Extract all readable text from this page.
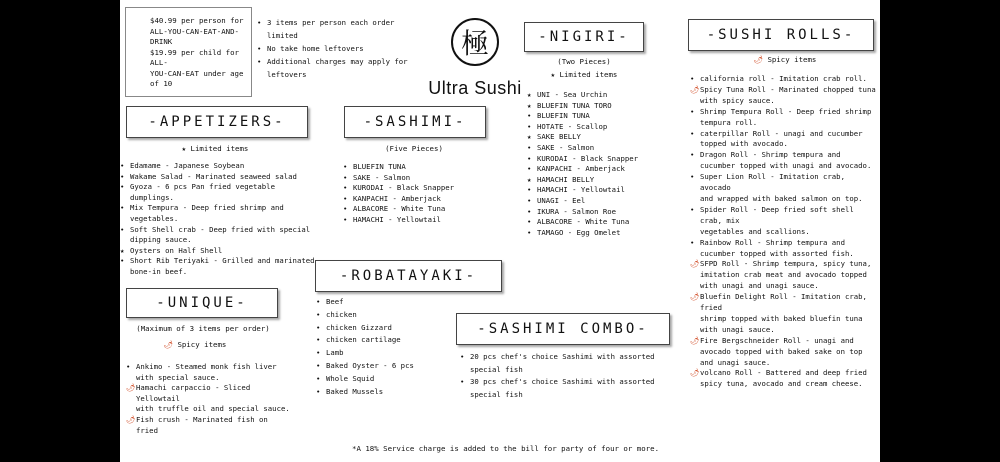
$40.99 per person for
ALL-YOU-CAN-EAT-AND-
DRINK
$19.99 per child for ALL-
YOU-CAN-EAT under age
of 10
• 3 items per person each order
limited
• No take home leftovers
• Additional charges may apply for
leftovers
極
Ultra Sushi
-APPETIZERS-
★ Limited items
• Edamame - Japanese Soybean
• Wakame Salad - Marinated seaweed salad
• Gyoza - 6 pcs Pan fried vegetable dumplings.
• Mix Tempura - Deep fried shrimp and
vegetables.
• Soft Shell crab - Deep fried with special
dipping sauce.
★ Oysters on Half Shell
• Short Rib Teriyaki - Grilled and marinated
bone-in beef.
-UNIQUE-
(Maximum of 3 items per order)
🌶 Spicy items
• Ankimo - Steamed monk fish liver
with special sauce.
🌶 Hamachi carpaccio - Sliced
Yellowtail
with truffle oil and special sauce.
🌶 Fish crush - Marinated fish on
fried
-SASHIMI-
(Five Pieces)
• BLUEFIN TUNA
• SAKE - Salmon
• KURODAI - Black Snapper
• KANPACHI - Amberjack
• ALBACORE - White Tuna
• HAMACHI - Yellowtail
-ROBATAYAKI-
• Beef
• chicken
• chicken Gizzard
• chicken cartilage
• Lamb
• Baked Oyster - 6 pcs
• Whole Squid
• Baked Mussels
-NIGIRI-
(Two Pieces)
★ Limited items
★ UNI - Sea Urchin
★ BLUEFIN TUNA TORO
• BLUEFIN TUNA
• HOTATE - Scallop
★ SAKE BELLY
• SAKE - Salmon
• KURODAI - Black Snapper
• KANPACHI - Amberjack
★ HAMACHI BELLY
• HAMACHI - Yellowtail
• UNAGI - Eel
• IKURA - Salmon Roe
• ALBACORE - White Tuna
• TAMAGO - Egg Omelet
-SASHIMI COMBO-
• 20 pcs chef's choice Sashimi with assorted
special fish
• 30 pcs chef's choice Sashimi with assorted
special fish
-SUSHI ROLLS-
🌶 Spicy items
• california roll - Imitation crab roll.
🌶 Spicy Tuna Roll - Marinated chopped tuna
with spicy sauce.
• Shrimp Tempura Roll - Deep fried shrimp
tempura roll.
• caterpillar Roll - unagi and cucumber
topped with avocado.
• Dragon Roll - Shrimp tempura and
cucumber topped with unagi and avocado.
• Super Lion Roll - Imitation crab, avocado
and wrapped with baked salmon on top.
• Spider Roll - Deep fried soft shell crab, mix
vegetables and scallions.
• Rainbow Roll - Shrimp tempura and
cucumber topped with assorted fish.
🌶 SFPD Roll - Shrimp tempura, spicy tuna,
imitation crab meat and avocado topped
with unagi and unagi sauce.
🌶 Bluefin Delight Roll - Imitation crab, fried
shrimp topped with baked bluefin tuna
with unagi sauce.
🌶 Fire Bergschneider Roll - unagi and
avocado topped with baked sake on top
and unagi sauce.
🌶 volcano Roll - Battered and deep fried
spicy tuna, avocado and cream cheese.
*A 18% Service charge is added to the bill for party of four or more.
